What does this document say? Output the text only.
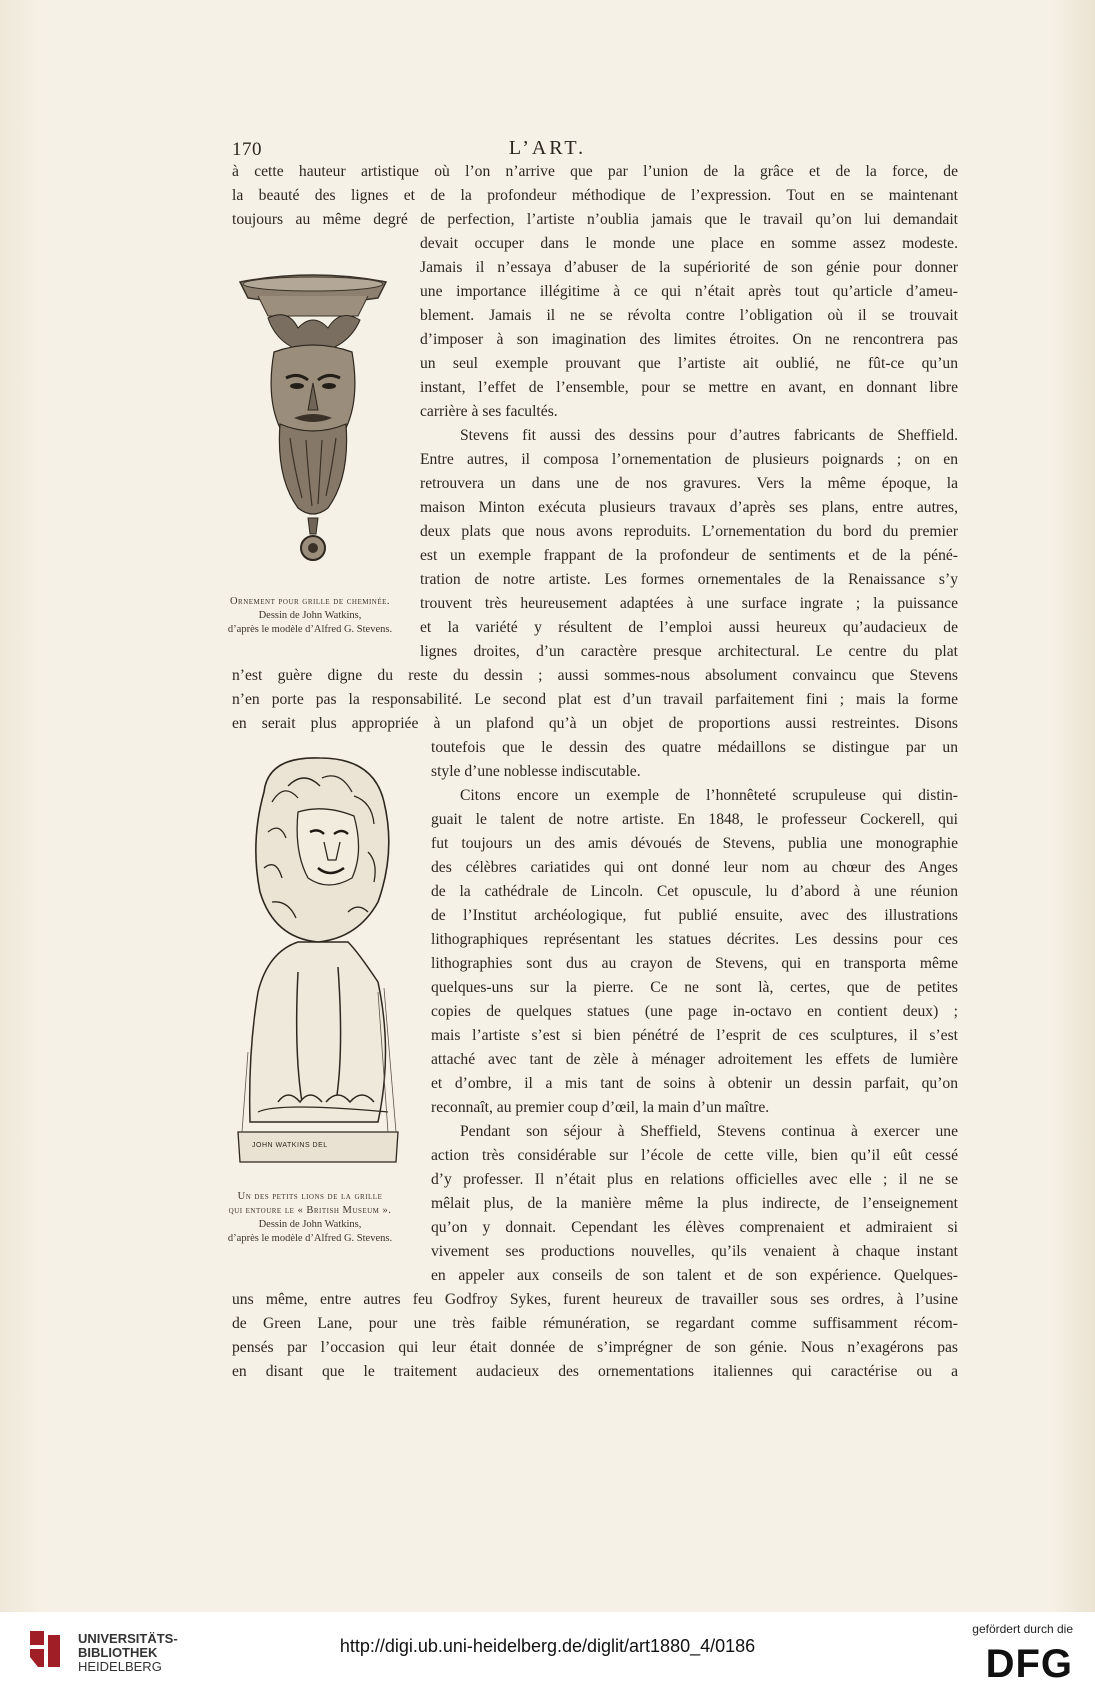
170	L’ART.
à cette hauteur artistique où l’on n’arrive que par l’union de la grâce et de la force, de
la beauté des lignes et de la profondeur méthodique de l’expression. Tout en se maintenant
toujours au même degré de perfection, l’artiste n’oublia jamais que le travail qu’on lui demandait
devait occuper dans le monde une place en somme assez modeste.
Jamais il n’essaya d’abuser de la supériorité de son génie pour donner
une importance illégitime à ce qui n’était après tout qu’article d’ameu-
blement. Jamais il ne se révolta contre l’obligation où il se trouvait
d’imposer à son imagination des limites étroites. On ne rencontrera pas
un seul exemple prouvant que l’artiste ait oublié, ne fût-ce qu’un
instant, l’effet de l’ensemble, pour se mettre en avant, en donnant libre
carrière à ses facultés.
Stevens fit aussi des dessins pour d’autres fabricants de Sheffield.
Entre autres, il composa l’ornementation de plusieurs poignards ; on en
retrouvera un dans une de nos gravures. Vers la même époque, la
maison Minton exécuta plusieurs travaux d’après ses plans, entre autres,
deux plats que nous avons reproduits. L’ornementation du bord du premier
est un exemple frappant de la profondeur de sentiments et de la péné-
tration de notre artiste. Les formes ornementales de la Renaissance s’y
trouvent très heureusement adaptées à une surface ingrate ; la puissance
et la variété y résultent de l’emploi aussi heureux qu’audacieux de
lignes droites, d’un caractère presque architectural. Le centre du plat
n’est guère digne du reste du dessin ; aussi sommes-nous absolument convaincu que Stevens
n’en porte pas la responsabilité. Le second plat est d’un travail parfaitement fini ; mais la forme
en serait plus appropriée à un plafond qu’à un objet de proportions aussi restreintes. Disons
toutefois que le dessin des quatre médaillons se distingue par un
style d’une noblesse indiscutable.
Citons encore un exemple de l’honnêteté scrupuleuse qui distin-
guait le talent de notre artiste. En 1848, le professeur Cockerell, qui
fut toujours un des amis dévoués de Stevens, publia une monographie
des célèbres cariatides qui ont donné leur nom au chœur des Anges
de la cathédrale de Lincoln. Cet opuscule, lu d’abord à une réunion
de l’Institut archéologique, fut publié ensuite, avec des illustrations
lithographiques représentant les statues décrites. Les dessins pour ces
lithographies sont dus au crayon de Stevens, qui en transporta même
quelques-uns sur la pierre. Ce ne sont là, certes, que de petites
copies de quelques statues (une page in-octavo en contient deux) ;
mais l’artiste s’est si bien pénétré de l’esprit de ces sculptures, il s’est
attaché avec tant de zèle à ménager adroitement les effets de lumière
et d’ombre, il a mis tant de soins à obtenir un dessin parfait, qu’on
reconnaît, au premier coup d’œil, la main d’un maître.
Pendant son séjour à Sheffield, Stevens continua à exercer une
action très considérable sur l’école de cette ville, bien qu’il eût cessé
d’y professer. Il n’était plus en relations officielles avec elle ; il ne se
mêlait plus, de la manière même la plus indirecte, de l’enseignement
qu’on y donnait. Cependant les élèves comprenaient et admiraient si
vivement ses productions nouvelles, qu’ils venaient à chaque instant
en appeler aux conseils de son talent et de son expérience. Quelques-
uns même, entre autres feu Godfroy Sykes, furent heureux de travailler sous ses ordres, à l’usine
de Green Lane, pour une très faible rémunération, se regardant comme suffisamment récom-
pensés par l’occasion qui leur était donnée de s’imprégner de son génie. Nous n’exagérons pas
en disant que le traitement audacieux des ornementations italiennes qui caractérise ou a
Ornement pour grille de cheminée.
Dessin de John Watkins,
d’après le modèle d’Alfred G. Stevens.
JOHN WATKINS DEL
Un des petits lions de la grille
qui entoure le « British Museum ».
Dessin de John Watkins,
d’après le modèle d’Alfred G. Stevens.
UNIVERSITÄTS-
BIBLIOTHEK
HEIDELBERG
http://digi.ub.uni-heidelberg.de/diglit/art1880_4/0186
gefördert durch die
DFG
